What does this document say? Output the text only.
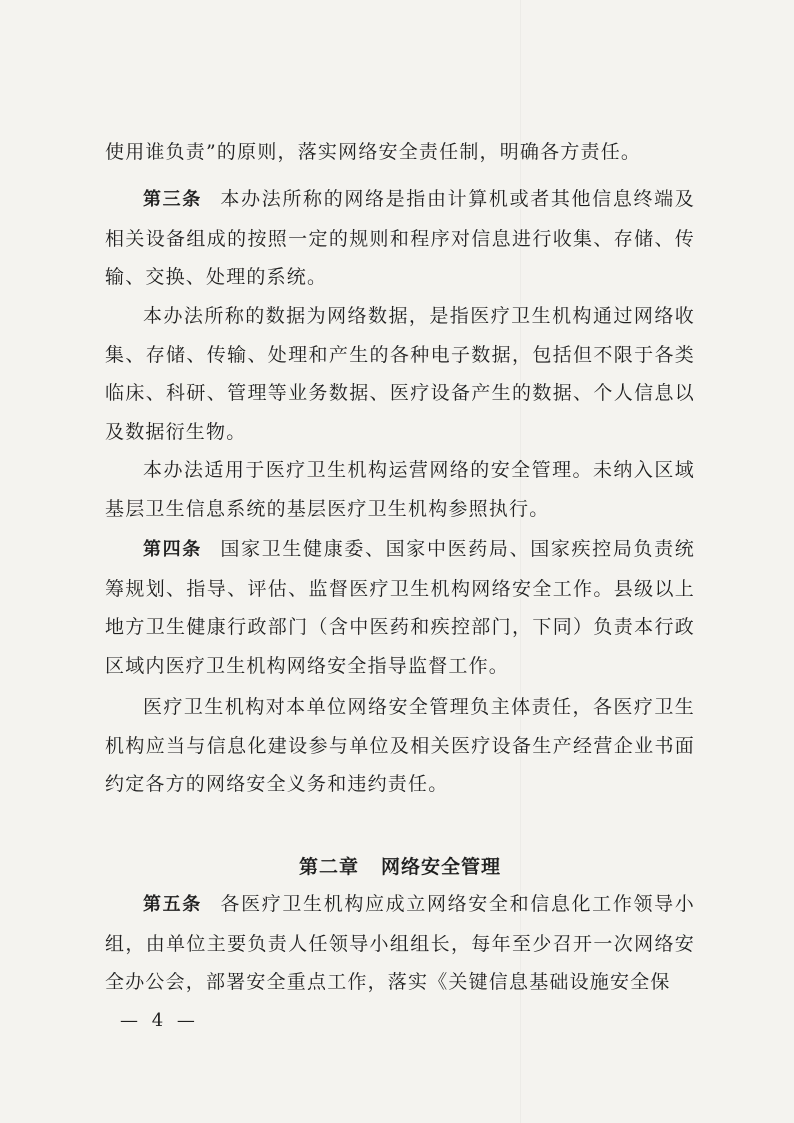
使用谁负责”的原则，落实网络安全责任制，明确各方责任。
第三条 本办法所称的网络是指由计算机或者其他信息终端及相关设备组成的按照一定的规则和程序对信息进行收集、存储、传输、交换、处理的系统。
本办法所称的数据为网络数据，是指医疗卫生机构通过网络收集、存储、传输、处理和产生的各种电子数据，包括但不限于各类临床、科研、管理等业务数据、医疗设备产生的数据、个人信息以及数据衍生物。
本办法适用于医疗卫生机构运营网络的安全管理。未纳入区域基层卫生信息系统的基层医疗卫生机构参照执行。
第四条 国家卫生健康委、国家中医药局、国家疾控局负责统筹规划、指导、评估、监督医疗卫生机构网络安全工作。县级以上地方卫生健康行政部门（含中医药和疾控部门，下同）负责本行政区域内医疗卫生机构网络安全指导监督工作。
医疗卫生机构对本单位网络安全管理负主体责任，各医疗卫生机构应当与信息化建设参与单位及相关医疗设备生产经营企业书面约定各方的网络安全义务和违约责任。
第二章 网络安全管理
第五条 各医疗卫生机构应成立网络安全和信息化工作领导小组，由单位主要负责人任领导小组组长，每年至少召开一次网络安全办公会，部署安全重点工作，落实《关键信息基础设施安全保
— 4 —
